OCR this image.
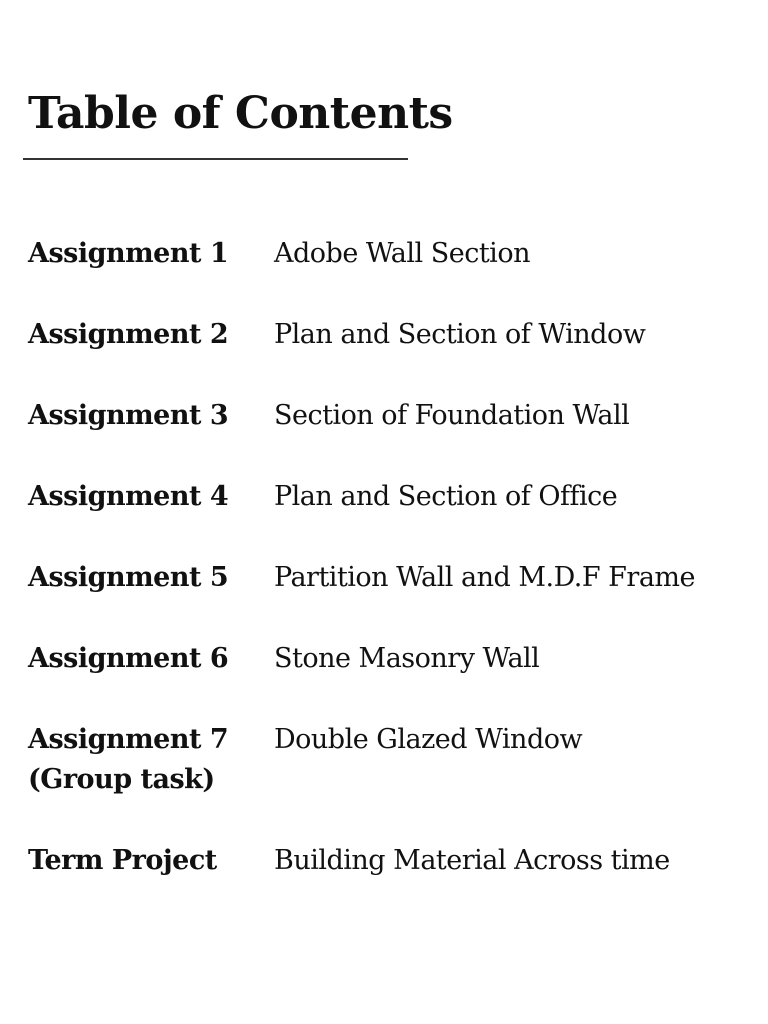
Table of Contents
Assignment 1 Adobe Wall Section
Assignment 2 Plan and Section of Window
Assignment 3 Section of Foundation Wall
Assignment 4 Plan and Section of Office
Assignment 5 Partition Wall and M.D.F Frame
Assignment 6 Stone Masonry Wall
Assignment 7
(Group task)
Double Glazed Window
Term Project Building Material Across time
